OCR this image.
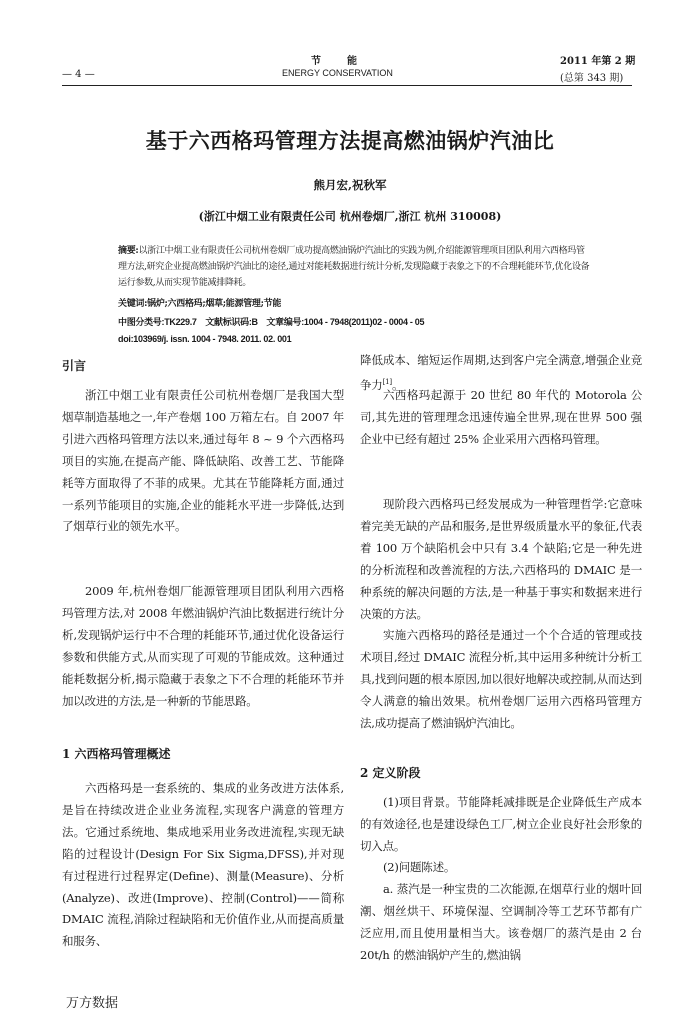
节　　能
ENERGY CONSERVATION
— 4 —
2011 年第 2 期
(总第 343 期)
基于六西格玛管理方法提高燃油锅炉汽油比
熊月宏,祝秋军
(浙江中烟工业有限责任公司 杭州卷烟厂,浙江 杭州 310008)

摘要:以浙江中烟工业有限责任公司杭州卷烟厂成功提高燃油锅炉汽油比的实践为例,介绍能源管理项目团队利用六西格玛管理方法,研究企业提高燃油锅炉汽油比的途径,通过对能耗数据进行统计分析,发现隐藏于表象之下的不合理耗能环节,优化设备运行参数,从而实现节能减排降耗。

关键词:锅炉;六西格玛;烟草;能源管理;节能

中图分类号:TK229.7　文献标识码:B　文章编号:1004 - 7948(2011)02 - 0004 - 05

doi:103969/j. issn. 1004 - 7948. 2011. 02. 001

引言

浙江中烟工业有限责任公司杭州卷烟厂是我国大型烟草制造基地之一,年产卷烟 100 万箱左右。自 2007 年引进六西格玛管理方法以来,通过每年 8 ~ 9 个六西格玛项目的实施,在提高产能、降低缺陷、改善工艺、节能降耗等方面取得了不菲的成果。尤其在节能降耗方面,通过一系列节能项目的实施,企业的能耗水平进一步降低,达到了烟草行业的领先水平。

2009 年,杭州卷烟厂能源管理项目团队利用六西格玛管理方法,对 2008 年燃油锅炉汽油比数据进行统计分析,发现锅炉运行中不合理的耗能环节,通过优化设备运行参数和供能方式,从而实现了可观的节能成效。这种通过能耗数据分析,揭示隐藏于表象之下不合理的耗能环节并加以改进的方法,是一种新的节能思路。

1 六西格玛管理概述

六西格玛是一套系统的、集成的业务改进方法体系,是旨在持续改进企业业务流程,实现客户满意的管理方法。它通过系统地、集成地采用业务改进流程,实现无缺陷的过程设计(Design For Six Sigma,DFSS),并对现有过程进行过程界定(Define)、测量(Measure)、分析(Analyze)、改进(Improve)、控制(Control)——简称 DMAIC 流程,消除过程缺陷和无价值作业,从而提高质量和服务、

降低成本、缩短运作周期,达到客户完全满意,增强企业竞争力[1]。

六西格玛起源于 20 世纪 80 年代的 Motorola 公司,其先进的管理理念迅速传遍全世界,现在世界 500 强企业中已经有超过 25% 企业采用六西格玛管理。

现阶段六西格玛已经发展成为一种管理哲学:它意味着完美无缺的产品和服务,是世界级质量水平的象征,代表着 100 万个缺陷机会中只有 3.4 个缺陷;它是一种先进的分析流程和改善流程的方法,六西格玛的 DMAIC 是一种系统的解决问题的方法,是一种基于事实和数据来进行决策的方法。

实施六西格玛的路径是通过一个个合适的管理或技术项目,经过 DMAIC 流程分析,其中运用多种统计分析工具,找到问题的根本原因,加以很好地解决或控制,从而达到令人满意的输出效果。杭州卷烟厂运用六西格玛管理方法,成功提高了燃油锅炉汽油比。

2 定义阶段

(1)项目背景。节能降耗减排既是企业降低生产成本的有效途径,也是建设绿色工厂,树立企业良好社会形象的切入点。

(2)问题陈述。

a. 蒸汽是一种宝贵的二次能源,在烟草行业的烟叶回潮、烟丝烘干、环境保湿、空调制冷等工艺环节都有广泛应用,而且使用量相当大。该卷烟厂的蒸汽是由 2 台 20t/h 的燃油锅炉产生的,燃油锅

万方数据
